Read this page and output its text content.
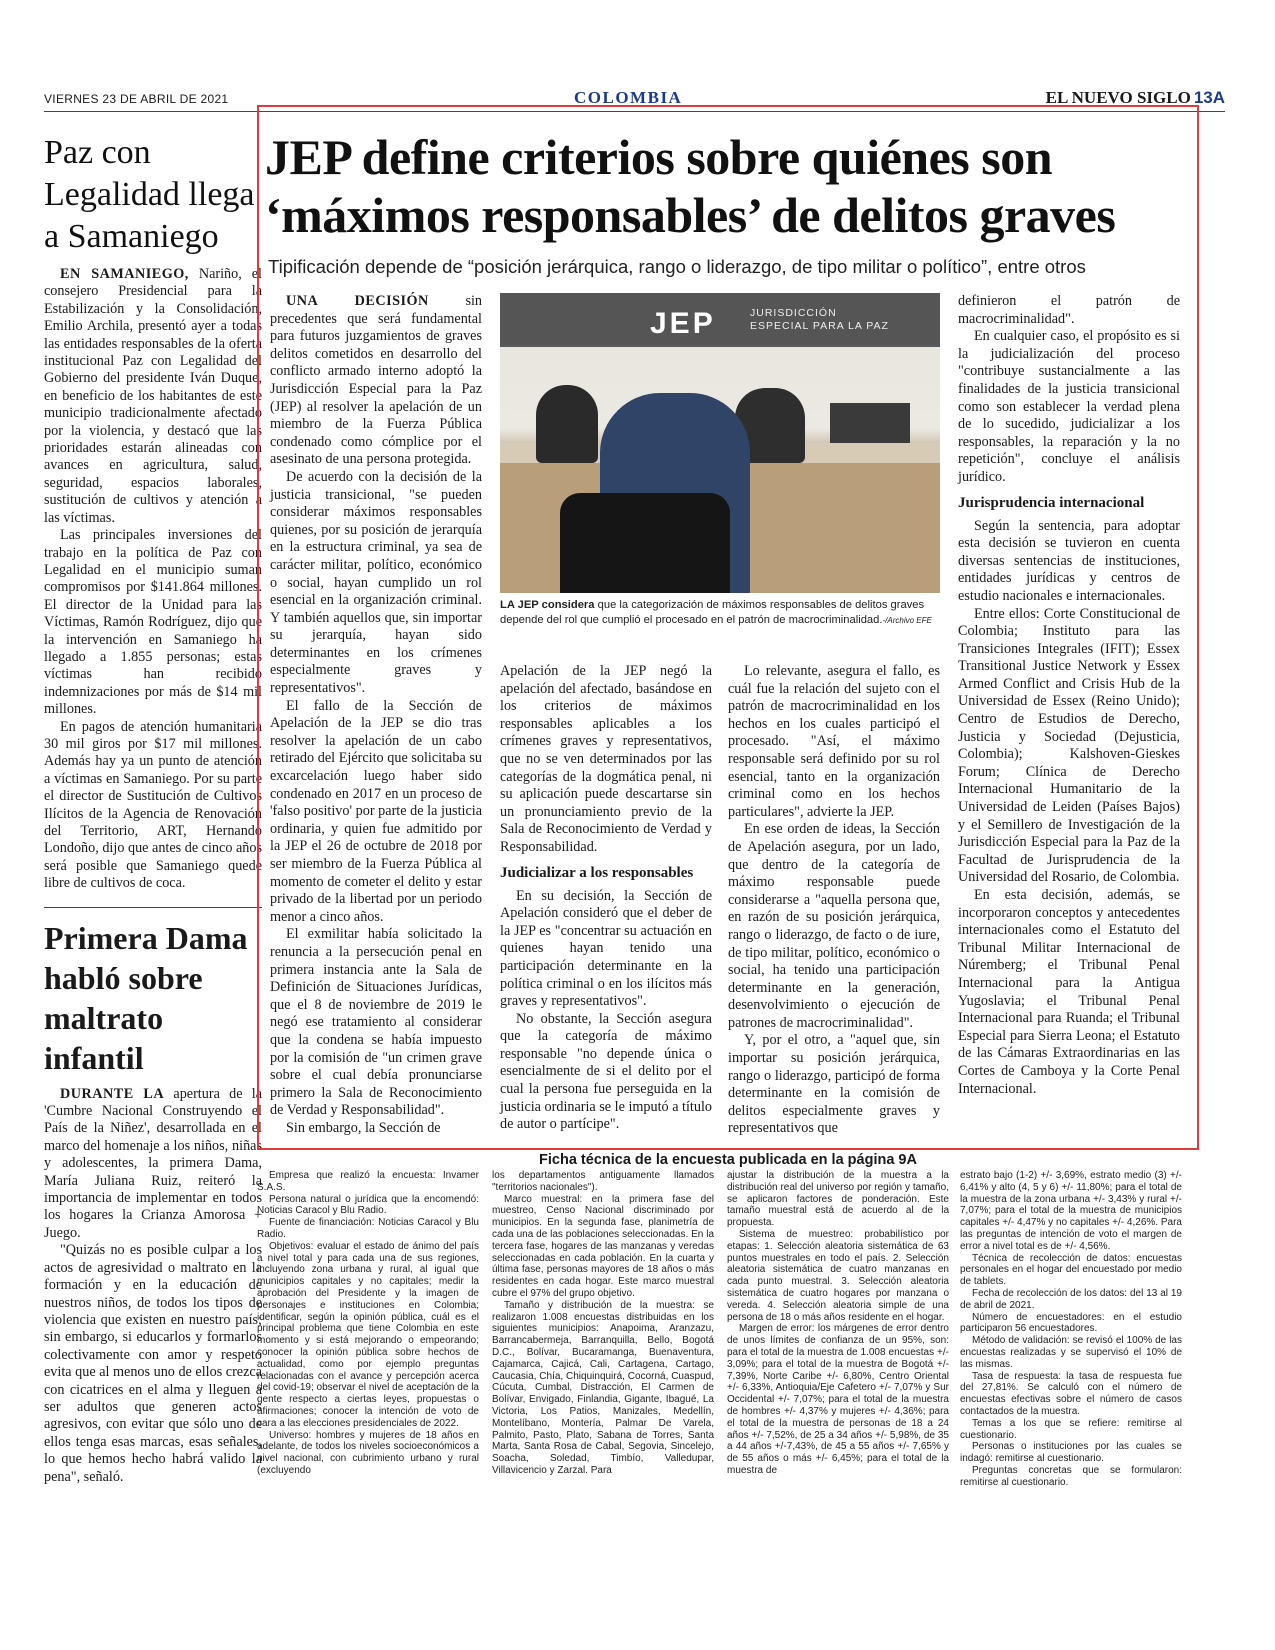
VIERNES 23 DE ABRIL DE 2021	COLOMBIA	EL NUEVO SIGLO 13A
Paz con Legalidad llega a Samaniego

EN SAMANIEGO, Nariño, el consejero Presidencial para la Estabilización y la Consolidación, Emilio Archila, presentó ayer a todas las entidades responsables de la oferta institucional Paz con Legalidad del Gobierno del presidente Iván Duque, en beneficio de los habitantes de este municipio tradicionalmente afectado por la violencia, y destacó que las prioridades estarán alineadas con avances en agricultura, salud, seguridad, espacios laborales, sustitución de cultivos y atención a las víctimas.

Las principales inversiones del trabajo en la política de Paz con Legalidad en el municipio suman compromisos por $141.864 millones. El director de la Unidad para las Víctimas, Ramón Rodríguez, dijo que la intervención en Samaniego ha llegado a 1.855 personas; estas víctimas han recibido indemnizaciones por más de $14 mil millones.

En pagos de atención humanitaria 30 mil giros por $17 mil millones. Además hay ya un punto de atención a víctimas en Samaniego. Por su parte el director de Sustitución de Cultivos Ilícitos de la Agencia de Renovación del Territorio, ART, Hernando Londoño, dijo que antes de cinco años será posible que Samaniego quede libre de cultivos de coca.

Primera Dama habló sobre maltrato infantil

DURANTE LA apertura de la 'Cumbre Nacional Construyendo el País de la Niñez', desarrollada en el marco del homenaje a los niños, niñas y adolescentes, la primera Dama, María Juliana Ruiz, reiteró la importancia de implementar en todos los hogares la Crianza Amorosa + Juego.

"Quizás no es posible culpar a los actos de agresividad o maltrato en la formación y en la educación de nuestros niños, de todos los tipos de violencia que existen en nuestro país; sin embargo, si educarlos y formarlos colectivamente con amor y respeto evita que al menos uno de ellos crezca con cicatrices en el alma y lleguen a ser adultos que generen actos agresivos, con evitar que sólo uno de ellos tenga esas marcas, esas señales, lo que hemos hecho habrá valido la pena", señaló.

JEP define criterios sobre quiénes son ‘máximos responsables’ de delitos graves
Tipificación depende de “posición jerárquica, rango o liderazgo, de tipo militar o político”, entre otros

UNA DECISIÓN	sin precedentes que será fundamental para futuros juzgamientos de graves delitos cometidos en desarrollo del conflicto armado interno adoptó la Jurisdicción Especial para la Paz (JEP) al resolver la apelación de un miembro de la Fuerza Pública condenado como cómplice por el asesinato de una persona protegida.

De acuerdo con la decisión de la justicia transicional, "se pueden considerar máximos responsables quienes, por su posición de jerarquía en la estructura criminal, ya sea de carácter militar, político, económico o social, hayan cumplido un rol esencial en la organización criminal. Y también aquellos que, sin importar su jerarquía, hayan sido determinantes en los crímenes especialmente graves y representativos".

El fallo de la Sección de Apelación de la JEP se dio tras resolver la apelación de un cabo retirado del Ejército que solicitaba su excarcelación luego haber sido condenado en 2017 en un proceso de 'falso positivo' por parte de la justicia ordinaria, y quien fue admitido por la JEP el 26 de octubre de 2018 por ser miembro de la Fuerza Pública al momento de cometer el delito y estar privado de la libertad por un periodo menor a cinco años.

El exmilitar había solicitado la renuncia a la persecución penal en primera instancia ante la Sala de Definición de Situaciones Jurídicas, que el 8 de noviembre de 2019 le negó ese tratamiento al considerar que la condena se había impuesto por la comisión de "un crimen grave sobre el cual debía pronunciarse primero la Sala de Reconocimiento de Verdad y Responsabilidad".

Sin embargo, la Sección de

JEP	JURISDICCIÓN
ESPECIAL PARA LA PAZ
LA JEP considera que la categorización de máximos responsables de delitos graves depende del rol que cumplió el procesado en el patrón de macrocriminalidad.-/Archivo EFE

Apelación de la JEP negó la apelación del afectado, basándose en los criterios de máximos responsables aplicables a los crímenes graves y representativos, que no se ven determinados por las categorías de la dogmática penal, ni su aplicación puede descartarse sin un pronunciamiento previo de la Sala de Reconocimiento de Verdad y Responsabilidad.

Judicializar a los responsables

En su decisión, la Sección de Apelación consideró que el deber de la JEP es "concentrar su actuación en quienes hayan tenido una participación determinante en la política criminal o en los ilícitos más graves y representativos".

No obstante, la Sección asegura que la categoría de máximo responsable "no depende única o esencialmente de si el delito por el cual la persona fue perseguida en la justicia ordinaria se le imputó a título de autor o partícipe".

Lo relevante, asegura el fallo, es cuál fue la relación del sujeto con el patrón de macrocriminalidad en los hechos en los cuales participó el procesado. "Así, el máximo responsable será definido por su rol esencial, tanto en la organización criminal como en los hechos particulares", advierte la JEP.

En ese orden de ideas, la Sección de Apelación asegura, por un lado, que dentro de la categoría de máximo responsable puede considerarse a "aquella persona que, en razón de su posición jerárquica, rango o liderazgo, de facto o de iure, de tipo militar, político, económico o social, ha tenido una participación determinante en la generación, desenvolvimiento o ejecución de patrones de macrocriminalidad".

Y, por el otro, a "aquel que, sin importar su posición jerárquica, rango o liderazgo, participó de forma determinante en la comisión de delitos especialmente graves y representativos que

definieron el patrón de macrocriminalidad".

En cualquier caso, el propósito es si la judicialización del proceso "contribuye sustancialmente a las finalidades de la justicia transicional como son establecer la verdad plena de lo sucedido, judicializar a los responsables, la reparación y la no repetición", concluye el análisis jurídico.

Jurisprudencia internacional

Según la sentencia, para adoptar esta decisión se tuvieron en cuenta diversas sentencias de instituciones, entidades jurídicas y centros de estudio nacionales e internacionales.

Entre ellos: Corte Constitucional de Colombia; Instituto para las Transiciones Integrales (IFIT); Essex Transitional Justice Network y Essex Armed Conflict and Crisis Hub de la Universidad de Essex (Reino Unido); Centro de Estudios de Derecho, Justicia y Sociedad (Dejusticia, Colombia); Kalshoven-Gieskes Forum; Clínica de Derecho Internacional Humanitario de la Universidad de Leiden (Países Bajos) y el Semillero de Investigación de la Jurisdicción Especial para la Paz de la Facultad de Jurisprudencia de la Universidad del Rosario, de Colombia.

En esta decisión, además, se incorporaron conceptos y antecedentes internacionales como el Estatuto del Tribunal Militar Internacional de Núremberg; el Tribunal Penal Internacional para la Antigua Yugoslavia; el Tribunal Penal Internacional para Ruanda; el Tribunal Especial para Sierra Leona; el Estatuto de las Cámaras Extraordinarias en las Cortes de Camboya y la Corte Penal Internacional.

Ficha técnica de la encuesta publicada en la página 9A

Empresa que realizó la encuesta: Invamer S.A.S.

Persona natural o jurídica que la encomendó: Noticias Caracol y Blu Radio.

Fuente de financiación: Noticias Caracol y Blu Radio.

Objetivos: evaluar el estado de ánimo del país a nivel total y para cada una de sus regiones, incluyendo zona urbana y rural, al igual que municipios capitales y no capitales; medir la aprobación del Presidente y la imagen de personajes e instituciones en Colombia; identificar, según la opinión pública, cuál es el principal problema que tiene Colombia en este momento y si está mejorando o empeorando; conocer la opinión pública sobre hechos de actualidad, como por ejemplo preguntas relacionadas con el avance y percepción acerca del covid-19; observar el nivel de aceptación de la gente respecto a ciertas leyes, propuestas o afirmaciones; conocer la intención de voto de cara a las elecciones presidenciales de 2022.

Universo: hombres y mujeres de 18 años en adelante, de todos los niveles socioeconómicos a nivel nacional, con cubrimiento urbano y rural (excluyendo

los departamentos antiguamente llamados "territorios nacionales").

Marco muestral: en la primera fase del muestreo, Censo Nacional discriminado por municipios. En la segunda fase, planimetría de cada una de las poblaciones seleccionadas. En la tercera fase, hogares de las manzanas y veredas seleccionadas en cada población. En la cuarta y última fase, personas mayores de 18 años o más residentes en cada hogar. Este marco muestral cubre el 97% del grupo objetivo.

Tamaño y distribución de la muestra: se realizaron 1.008 encuestas distribuidas en los siguientes municipios: Anapoima, Aranzazu, Barrancabermeja, Barranquilla, Bello, Bogotá D.C., Bolívar, Bucaramanga, Buenaventura, Cajamarca, Cajicá, Cali, Cartagena, Cartago, Caucasia, Chía, Chiquinquirá, Cocorná, Cuaspud, Cúcuta, Cumbal, Distracción, El Carmen de Bolívar, Envigado, Finlandia, Gigante, Ibagué, La Victoria, Los Patios, Manizales, Medellín, Montelíbano, Montería, Palmar De Varela, Palmito, Pasto, Plato, Sabana de Torres, Santa Marta, Santa Rosa de Cabal, Segovia, Sincelejo, Soacha, Soledad, Timbío, Valledupar, Villavicencio y Zarzal. Para

ajustar la distribución de la muestra a la distribución real del universo por región y tamaño, se aplicaron factores de ponderación. Este tamaño muestral está de acuerdo al de la propuesta.

Sistema de muestreo: probabilístico por etapas: 1. Selección aleatoria sistemática de 63 puntos muestrales en todo el país. 2. Selección aleatoria sistemática de cuatro manzanas en cada punto muestral. 3. Selección aleatoria sistemática de cuatro hogares por manzana o vereda. 4. Selección aleatoria simple de una persona de 18 o más años residente en el hogar.

Margen de error: los márgenes de error dentro de unos límites de confianza de un 95%, son: para el total de la muestra de 1.008 encuestas +/- 3,09%; para el total de la muestra de Bogotá +/- 7,39%, Norte Caribe +/- 6,80%, Centro Oriental +/- 6,33%, Antioquia/Eje Cafetero +/- 7,07% y Sur Occidental +/- 7,07%; para el total de la muestra de hombres +/- 4,37% y mujeres +/- 4,36%; para el total de la muestra de personas de 18 a 24 años +/- 7,52%, de 25 a 34 años +/- 5,98%, de 35 a 44 años +/-7,43%, de 45 a 55 años +/- 7,65% y de 55 años o más +/- 6,45%; para el total de la muestra de

estrato bajo (1-2) +/- 3,69%, estrato medio (3) +/- 6,41% y alto (4, 5 y 6) +/- 11,80%; para el total de la muestra de la zona urbana +/- 3,43% y rural +/- 7,07%; para el total de la muestra de municipios capitales +/- 4,47% y no capitales +/- 4,26%. Para las preguntas de intención de voto el margen de error a nivel total es de +/- 4,56%.

Técnica de recolección de datos: encuestas personales en el hogar del encuestado por medio de tablets.

Fecha de recolección de los datos: del 13 al 19 de abril de 2021.

Número de encuestadores: en el estudio participaron 56 encuestadores.

Método de validación: se revisó el 100% de las encuestas realizadas y se supervisó el 10% de las mismas.

Tasa de respuesta: la tasa de respuesta fue del 27,81%. Se calculó con el número de encuestas efectivas sobre el número de casos contactados de la muestra.

Temas a los que se refiere: remitirse al cuestionario.

Personas o instituciones por las cuales se indagó: remitirse al cuestionario.

Preguntas concretas que se formularon: remitirse al cuestionario.
